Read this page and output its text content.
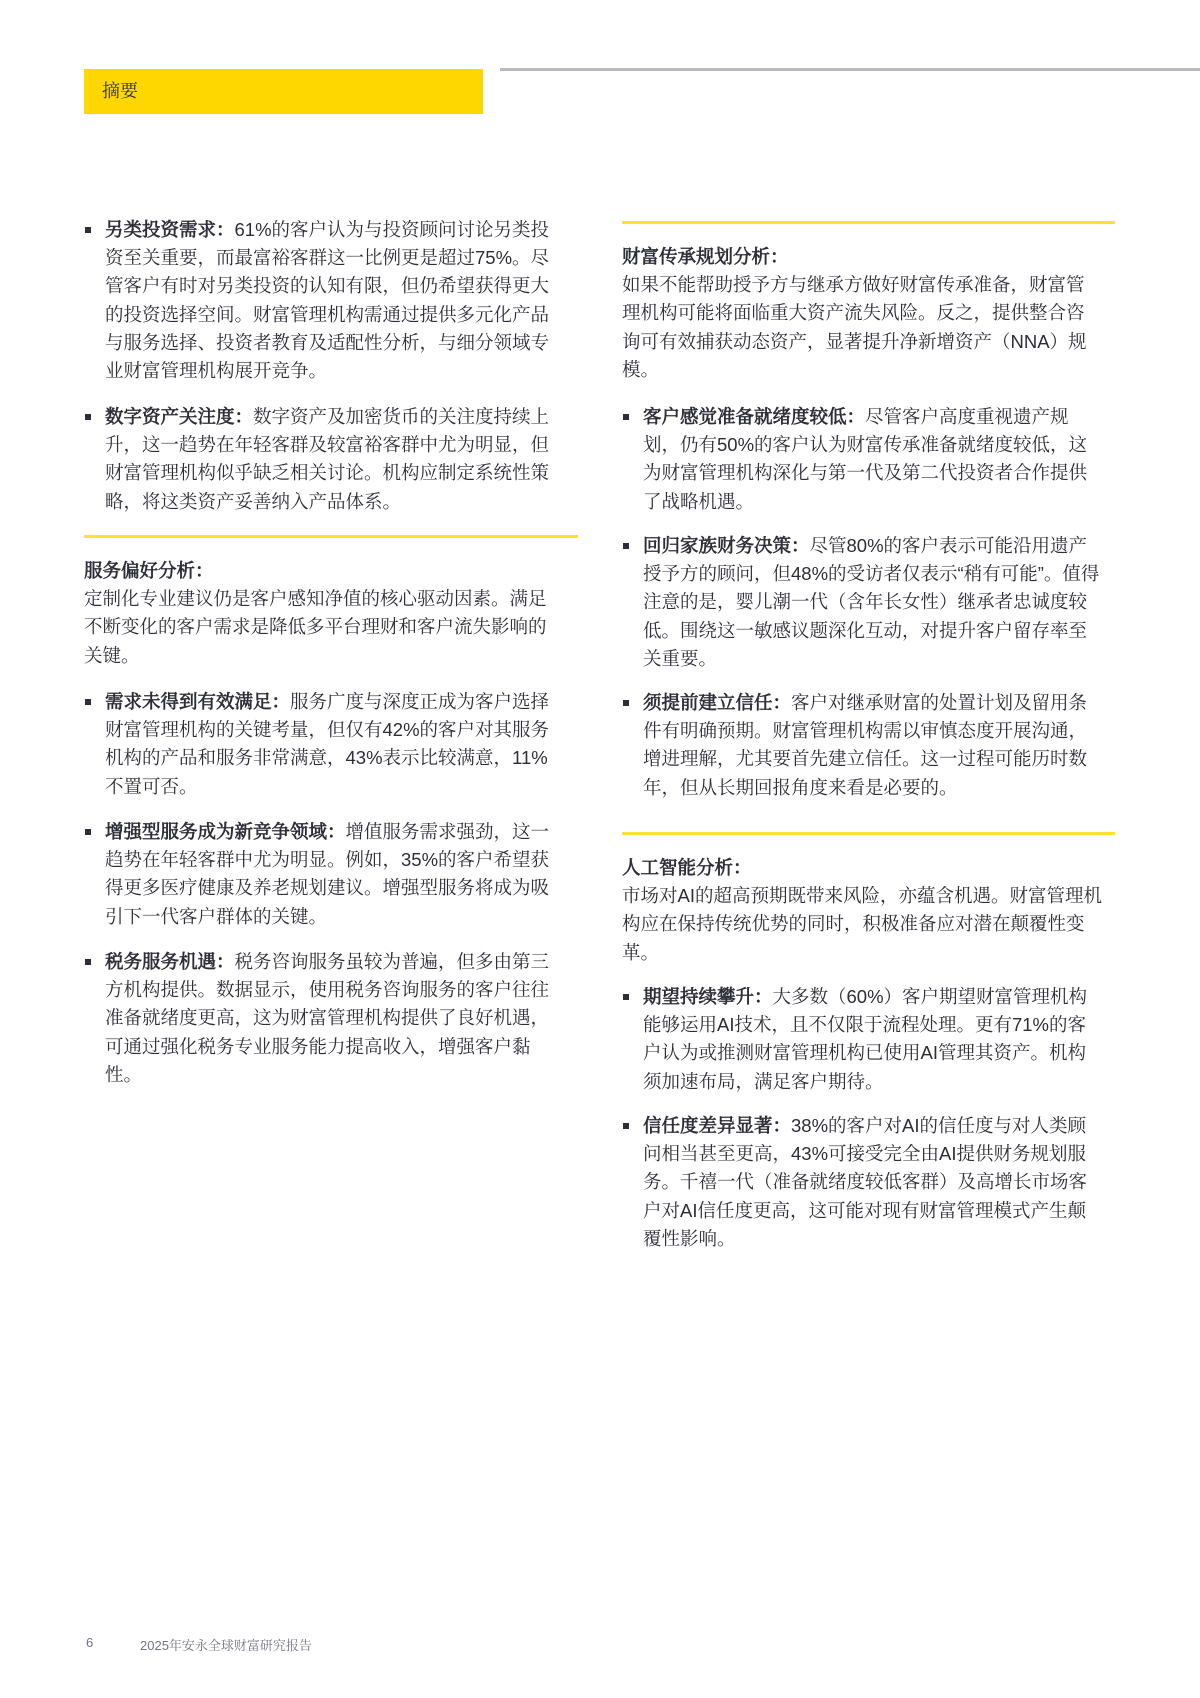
摘要
另类投资需求：61%的客户认为与投资顾问讨论另类投资至关重要，而最富裕客群这一比例更是超过75%。尽管客户有时对另类投资的认知有限，但仍希望获得更大的投资选择空间。财富管理机构需通过提供多元化产品与服务选择、投资者教育及适配性分析，与细分领域专业财富管理机构展开竞争。
数字资产关注度：数字资产及加密货币的关注度持续上升，这一趋势在年轻客群及较富裕客群中尤为明显，但财富管理机构似乎缺乏相关讨论。机构应制定系统性策略，将这类资产妥善纳入产品体系。
服务偏好分析：
定制化专业建议仍是客户感知净值的核心驱动因素。满足不断变化的客户需求是降低多平台理财和客户流失影响的关键。
需求未得到有效满足：服务广度与深度正成为客户选择财富管理机构的关键考量，但仅有42%的客户对其服务机构的产品和服务非常满意，43%表示比较满意，11%不置可否。
增强型服务成为新竞争领域：增值服务需求强劲，这一趋势在年轻客群中尤为明显。例如，35%的客户希望获得更多医疗健康及养老规划建议。增强型服务将成为吸引下一代客户群体的关键。
税务服务机遇：税务咨询服务虽较为普遍，但多由第三方机构提供。数据显示，使用税务咨询服务的客户往往准备就绪度更高，这为财富管理机构提供了良好机遇，可通过强化税务专业服务能力提高收入，增强客户黏性。
财富传承规划分析：
如果不能帮助授予方与继承方做好财富传承准备，财富管理机构可能将面临重大资产流失风险。反之，提供整合咨询可有效捕获动态资产，显著提升净新增资产（NNA）规模。
客户感觉准备就绪度较低：尽管客户高度重视遗产规划，仍有50%的客户认为财富传承准备就绪度较低，这为财富管理机构深化与第一代及第二代投资者合作提供了战略机遇。
回归家族财务决策：尽管80%的客户表示可能沿用遗产授予方的顾问，但48%的受访者仅表示“稍有可能”。值得注意的是，婴儿潮一代（含年长女性）继承者忠诚度较低。围绕这一敏感议题深化互动，对提升客户留存率至关重要。
须提前建立信任：客户对继承财富的处置计划及留用条件有明确预期。财富管理机构需以审慎态度开展沟通，增进理解，尤其要首先建立信任。这一过程可能历时数年，但从长期回报角度来看是必要的。
人工智能分析：
市场对AI的超高预期既带来风险，亦蕴含机遇。财富管理机构应在保持传统优势的同时，积极准备应对潜在颠覆性变革。
期望持续攀升：大多数（60%）客户期望财富管理机构能够运用AI技术，且不仅限于流程处理。更有71%的客户认为或推测财富管理机构已使用AI管理其资产。机构须加速布局，满足客户期待。
信任度差异显著：38%的客户对AI的信任度与对人类顾问相当甚至更高，43%可接受完全由AI提供财务规划服务。千禧一代（准备就绪度较低客群）及高增长市场客户对AI信任度更高，这可能对现有财富管理模式产生颠覆性影响。
6	2025年安永全球财富研究报告
